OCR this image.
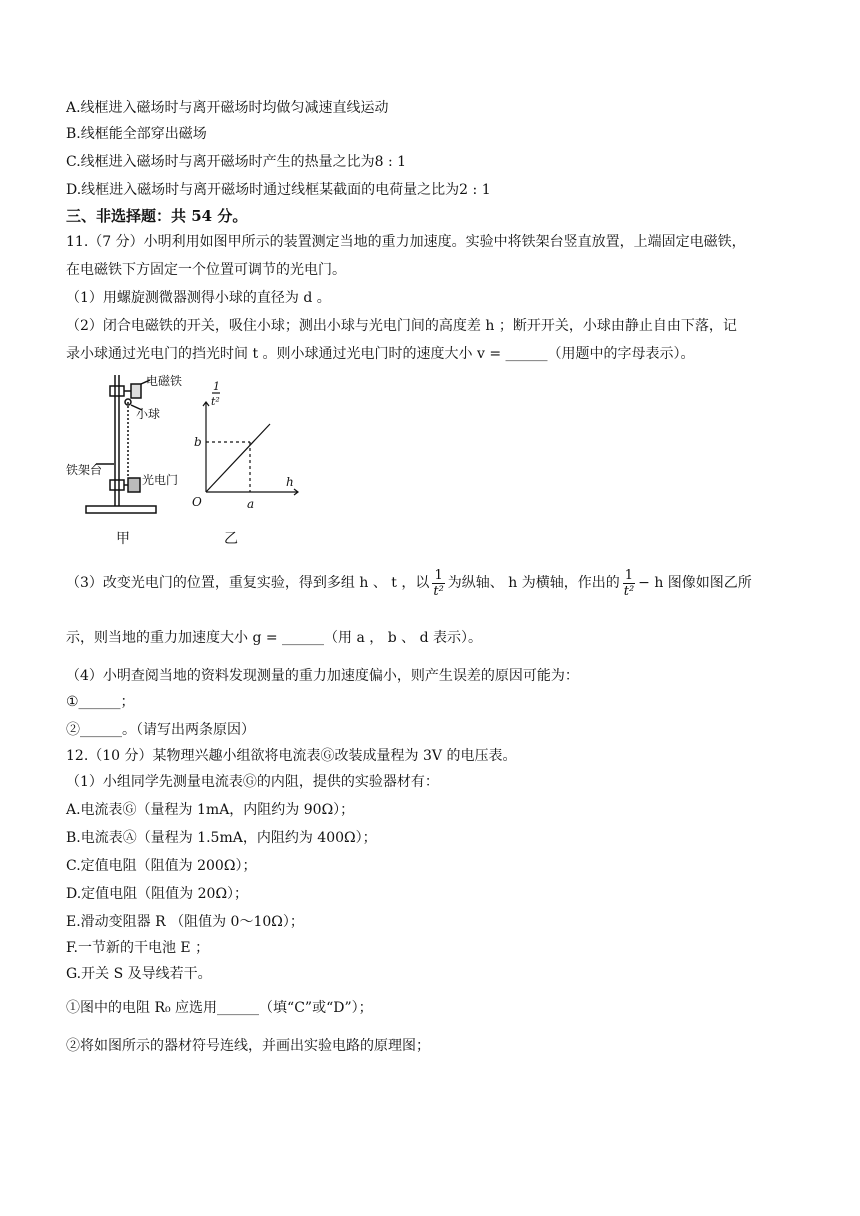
A.线框进入磁场时与离开磁场时均做匀减速直线运动
B.线框能全部穿出磁场
C.线框进入磁场时与离开磁场时产生的热量之比为8 : 1
D.线框进入磁场时与离开磁场时通过线框某截面的电荷量之比为2 : 1
三、非选择题：共 54 分。
11.（7 分）小明利用如图甲所示的装置测定当地的重力加速度。实验中将铁架台竖直放置，上端固定电磁铁，
在电磁铁下方固定一个位置可调节的光电门。
（1）用螺旋测微器测得小球的直径为 d 。
（2）闭合电磁铁的开关，吸住小球；测出小球与光电门间的高度差 h ；断开开关，小球由静止自由下落，记
录小球通过光电门的挡光时间 t 。则小球通过光电门时的速度大小 v = ______（用题中的字母表示）。
电磁铁
小球
铁架台
光电门
甲
1
t²
h
O
b
a
乙
（3）改变光电门的位置，重复实验，得到多组 h 、 t ，以 $\frac{1}{\text{t²}}$ 为纵轴、 h 为横轴，作出的 $\frac{1}{\text{t²}} - h$ 图像如图乙所
示，则当地的重力加速度大小 g = ______（用 a ， b 、 d 表示）。
（4）小明查阅当地的资料发现测量的重力加速度偏小，则产生误差的原因可能为：
①______；
②______。（请写出两条原因）
12.（10 分）某物理兴趣小组欲将电流表Ⓖ改装成量程为 3V 的电压表。
（1）小组同学先测量电流表Ⓖ的内阻，提供的实验器材有：
A.电流表Ⓖ（量程为 1mA，内阻约为 90Ω）；
B.电流表Ⓐ（量程为 1.5mA，内阻约为 400Ω）；
C.定值电阻（阻值为 200Ω）；
D.定值电阻（阻值为 20Ω）；
E.滑动变阻器 R （阻值为 0～10Ω）；
F.一节新的干电池 E ；
G.开关 S 及导线若干。
①图中的电阻 R₀ 应选用______（填“C”或“D”）；
②将如图所示的器材符号连线，并画出实验电路的原理图；
